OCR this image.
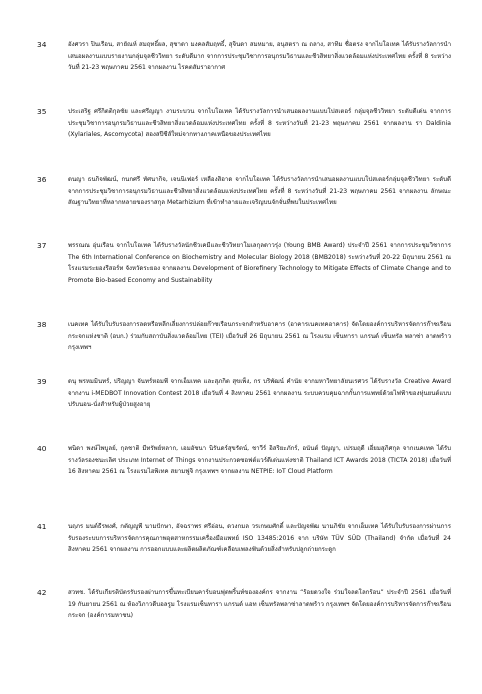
34	อังศวรา ปินเรือน, สายัณห์ สมฤทธิ์ผล, สุชาดา มงคลสัมฤทธิ์, สุจินดา สมหมาย, อนุสตรา ณ ถลาง, สาทิม ชื่อตรง จากไบโอเทค ได้รับรางวัลการนำเสนอผลงานแบบรายงานกลุ่มจุลชีววิทยา ระดับดีมาก จากการประชุมวิชาการอนุกรมวิธานและชีวสิทยาสิ่งแวดล้อมแห่งประเทศไทย ครั้งที่ 8 ระหว่างวันที่ 21-23 พฤษภาคม 2561 จากผลงาน ไรคตสัมราอากาศ
35	ประเสริฐ ศรีกิตติกุลชัย และศรีญญา งามระบวน จากไบโอเทค ได้รับรางวัลการนำเสนอผลงานแบบโปสเตอร์ กลุ่มจุลชีววิทยา ระดับดีเด่น จากการประชุมวิชาการอนุกรมวิธานและชีวสิทยาสิ่งแวดล้อมแห่งประเทศไทย ครั้งที่ 8 ระหว่างวันที่ 21-23 พฤษภาคม 2561 จากผลงาน รา Daldinia (Xylariales, Ascomycota) สองสปีชีส์ใหม่จากทางภาคเหนือของประเทศไทย
36	ดนญา ธนกิจพัฒน์, กนกศรี ทัศนากิจ, เจนนิเฟอร์ เหลืองสิอาด จากไบโอเทค ได้รับรางวัลการนำเสนอผลงานแบบโปสเตอร์กลุ่มจุลชีววิทยา ระดับดี จากการประชุมวิชาการอนุกรมวิธานและชีวสิทยาสิ่งแวดล้อมแห่งประเทศไทย ครั้งที่ 8 ระหว่างวันที่ 21-23 พฤษภาคม 2561 จากผลงาน ลักษณะสัณฐานวิทยาที่หลากหลายของราสกุล Metarhizium ที่เข้าทำลายและเจริญบนจักจั่นที่พบในประเทศไทย
37	พรรณณ อุ่นเรือน จากไบโอเทค ได้รับรางวัลนักชีวเคมีและชีววิทยาโมเลกุลดาวรุ่ง (Young BMB Award) ประจำปี 2561 จากการประชุมวิชาการ The 6th International Conference on Biochemistry and Molecular Biology 2018 (BMB2018) ระหว่างวันที่ 20-22 มิถุนายน 2561 ณ โรงแรมระยองรีสอร์ท จังหวัดระยอง จากผลงาน Development of Biorefinery Technology to Mitigate Effects of Climate Change and to Promote Bio-based Economy and Sustainability
38	เนคเทค ได้รับใบรับรองการลดหรือหลีกเลี่ยงการปล่อยก๊าซเรือนกระจกสำหรับอาคาร (อาคารเนคเทคอาคาร) จัดโดยองค์การบริหารจัดการก๊าซเรือนกระจกแห่งชาติ (อบก.) ร่วมกับสถาบันสิ่งแวดล้อมไทย (TEI) เมื่อวันที่ 26 มิถุนายน 2561 ณ โรงแรม เซ็นทารา แกรนด์ เซ็นทรัล พลาซ่า ลาดพร้าว กรุงเทพฯ
39	ดนุ พรหมมินทร์, ปริญญา จันทร์หอมพี จากเอ็มเทค และสุภกิต สุขเพ็ง, กร บริพัฒน์ คำนัย จากมหาวิทยาลัยนเรศวร ได้รับรางวัล Creative Award จากงาน i-MEDBOT Innovation Contest 2018 เมื่อวันที่ 4 สิงหาคม 2561 จากผลงาน ระบบควบคุมฉากกั้นการแพทย์ด้วยไฟฟ้าของหุ่นยนต์แบบปรับนอน-นั่งสำหรับผู้ป่วยสูงอายุ
40	พนิดา พงษ์ไพบูลย์, กุลชาติ มีทรัพย์หลาก, เอมอัชนา นิรันดร์สุขรัตน์, ชาวีร์ อิสริยะภักร์, อนันต์ ปัญญา, เปรมฤดี เอี่ยมสุภิศกุล จากเนคเทค ได้รับรางวัลรองชนะเลิศ ประเภท Internet of Things จากงานประกวดซอฟต์แวร์ดีเด่นแห่งชาติ Thailand ICT Awards 2018 (TICTA 2018) เมื่อวันที่ 16 สิงหาคม 2561 ณ โรงแรมไฮพิเทค สยามฟูจิ กรุงเทพฯ จากผลงาน NETPIE: IoT Cloud Platform
41	นฤภร มนต์ธีรพงศ์, กตัญญูพี นามปักษา, อัจฉราพร ศรีอ่อน, ดวงกมล วรเกษมศักดิ์ และปัญจพัฒ นามภิชัย จากเอ็มเทค ได้รับใบรับรองการผ่านการรับรองระบบการบริหารจัดการคุณภาพอุตสาหกรรมเครื่องมือแพทย์ ISO 13485:2016 จาก บริษัท TÜV SÜD (Thailand) จำกัด เมื่อวันที่ 24 สิงหาคม 2561 จากผลงาน การออกแบบและผลิตผลิตภัณฑ์เคลือบเพลงฟันด้วยสิ่งสำหรับปลูกถ่ายกระดูก
42	สวทช. ได้รับเกียรติบัตรรับรองผ่านการขึ้นทะเบียนคาร์บอนฟุตพริ้นท์ขององค์กร จากงาน “ร้อยดวงใจ ร่วมใจลดโลกร้อน” ประจำปี 2561 เมื่อวันที่ 19 กันยายน 2561 ณ ห้องวิภาวดีบอลรูม โรงแรมเซ็นทารา แกรนด์ แอท เซ็นทรัลพลาซ่าลาดพร้าว กรุงเทพฯ จัดโดยองค์การบริหารจัดการก๊าซเรือนกระจก (องค์การมหาชน)
